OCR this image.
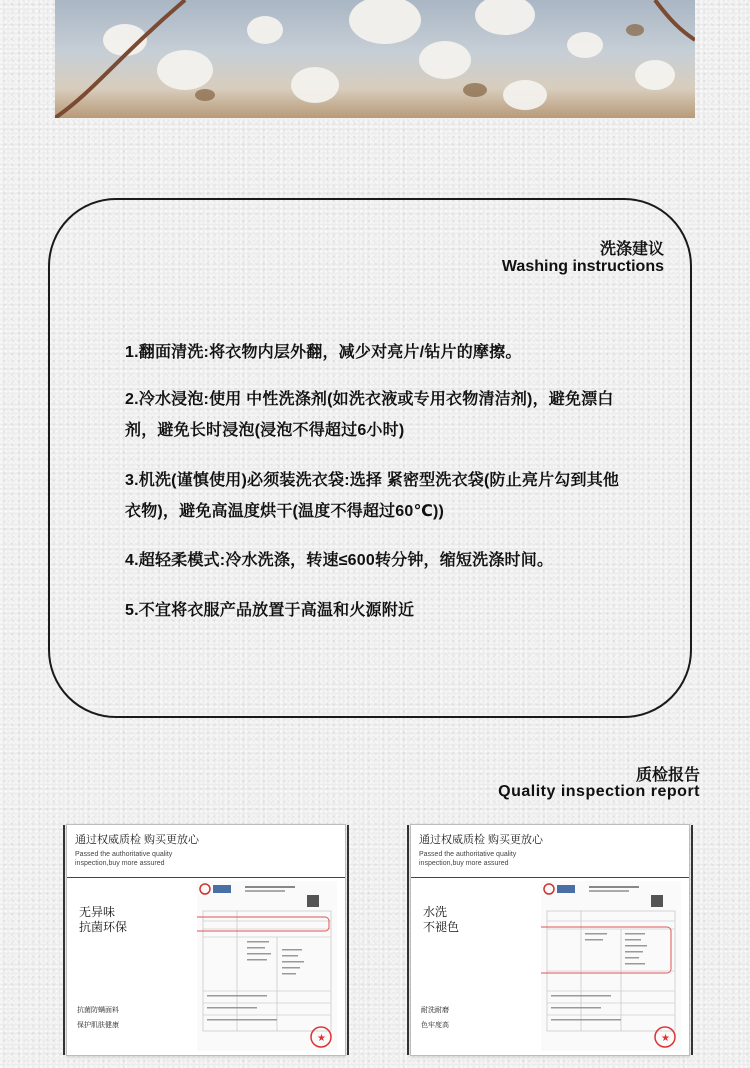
洗涤建议
Washing instructions
1.翻面清洗:将衣物内层外翻，减少对亮片/钻片的摩擦。
2.冷水浸泡:使用 中性洗涤剂(如洗衣液或专用衣物清洁剂)，避免漂白剂，避免长时浸泡(浸泡不得超过6小时)
3.机洗(谨慎使用)必须装洗衣袋:选择 紧密型洗衣袋(防止亮片勾到其他衣物)，避免高温度烘干(温度不得超过60℃))
4.超轻柔模式:冷水洗涤，转速≤600转分钟，缩短洗涤时间。
5.不宜将衣服产品放置于高温和火源附近
质检报告
Quality inspection report
通过权威质检 购买更放心
Passed the authoritative quality
inspection,buy more assured
无异味
抗菌环保
抗菌防螨面料
保护肌肤健康
★
通过权威质检 购买更放心
Passed the authoritative quality
inspection,buy more assured
水洗
不褪色
耐洗耐磨
色牢度高
★
